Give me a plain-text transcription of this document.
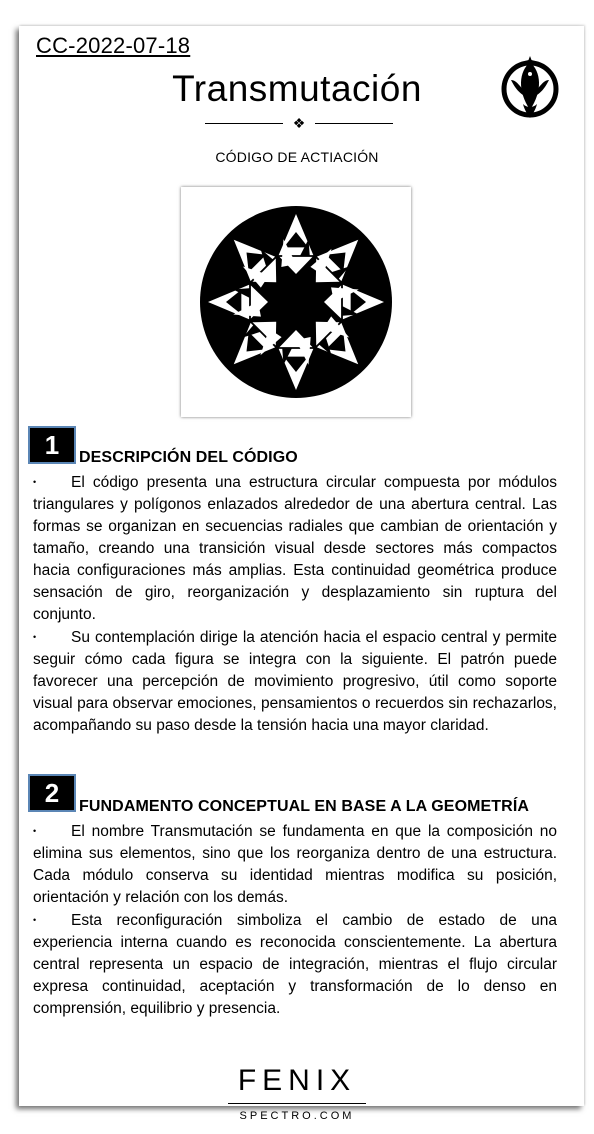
CC-2022-07-18
Transmutación
❖
CÓDIGO DE ACTIACIÓN
1	DESCRIPCIÓN DEL CÓDIGO

• El código presenta una estructura circular compuesta por módulos triangulares y polígonos enlazados alrededor de una abertura central. Las formas se organizan en secuencias radiales que cambian de orientación y tamaño, creando una transición visual desde sectores más compactos hacia configuraciones más amplias. Esta continuidad geométrica produce sensación de giro, reorganización y desplazamiento sin ruptura del conjunto.

• Su contemplación dirige la atención hacia el espacio central y permite seguir cómo cada figura se integra con la siguiente. El patrón puede favorecer una percepción de movimiento progresivo, útil como soporte visual para observar emociones, pensamientos o recuerdos sin rechazarlos, acompañando su paso desde la tensión hacia una mayor claridad.

2	FUNDAMENTO CONCEPTUAL EN BASE A LA GEOMETRÍA

• El nombre Transmutación se fundamenta en que la composición no elimina sus elementos, sino que los reorganiza dentro de una estructura. Cada módulo conserva su identidad mientras modifica su posición, orientación y relación con los demás.

• Esta reconfiguración simboliza el cambio de estado de una experiencia interna cuando es reconocida conscientemente. La abertura central representa un espacio de integración, mientras el flujo circular expresa continuidad, aceptación y transformación de lo denso en comprensión, equilibrio y presencia.

FENIX
SPECTRO.COM
